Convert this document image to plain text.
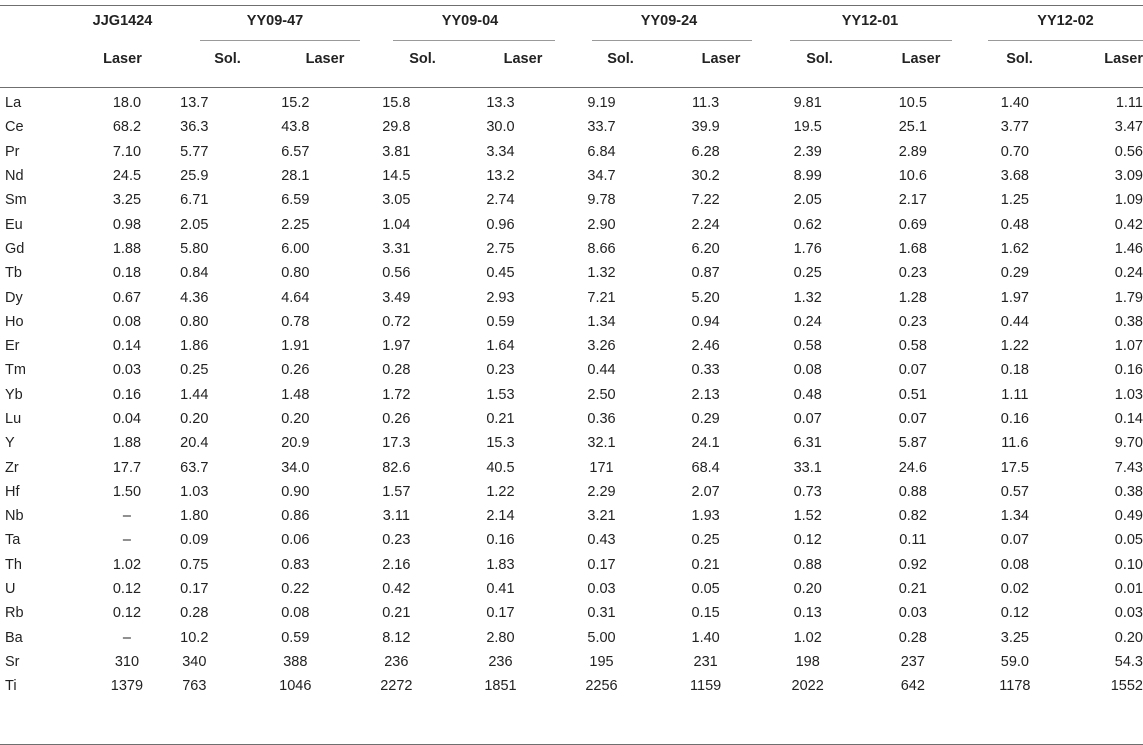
JJG1424	YY09-47	YY09-04	YY09-24	YY12-01	YY12-02
Laser	Sol.	Laser	Sol.	Laser	Sol.	Laser	Sol.	Laser	Sol.	Laser
La	18.0	13.7		15.2		15.8		13.3		9.19		11.3		9.81		10.5		1.40		1.11
Ce	68.2	36.3		43.8		29.8		30.0		33.7		39.9		19.5		25.1		3.77		3.47
Pr	7.10	5.77		6.57		3.81		3.34		6.84		6.28		2.39		2.89		0.70		0.56
Nd	24.5	25.9		28.1		14.5		13.2		34.7		30.2		8.99		10.6		3.68		3.09
Sm	3.25	6.71		6.59		3.05		2.74		9.78		7.22		2.05		2.17		1.25		1.09
Eu	0.98	2.05		2.25		1.04		0.96		2.90		2.24		0.62		0.69		0.48		0.42
Gd	1.88	5.80		6.00		3.31		2.75		8.66		6.20		1.76		1.68		1.62		1.46
Tb	0.18	0.84		0.80		0.56		0.45		1.32		0.87		0.25		0.23		0.29		0.24
Dy	0.67	4.36		4.64		3.49		2.93		7.21		5.20		1.32		1.28		1.97		1.79
Ho	0.08	0.80		0.78		0.72		0.59		1.34		0.94		0.24		0.23		0.44		0.38
Er	0.14	1.86		1.91		1.97		1.64		3.26		2.46		0.58		0.58		1.22		1.07
Tm	0.03	0.25		0.26		0.28		0.23		0.44		0.33		0.08		0.07		0.18		0.16
Yb	0.16	1.44		1.48		1.72		1.53		2.50		2.13		0.48		0.51		1.11		1.03
Lu	0.04	0.20		0.20		0.26		0.21		0.36		0.29		0.07		0.07		0.16		0.14
Y	1.88	20.4		20.9		17.3		15.3		32.1		24.1		6.31		5.87		11.6		9.70
Zr	17.7	63.7		34.0		82.6		40.5		171		68.4		33.1		24.6		17.5		7.43
Hf	1.50	1.03		0.90		1.57		1.22		2.29		2.07		0.73		0.88		0.57		0.38
Nb	–	1.80		0.86		3.11		2.14		3.21		1.93		1.52		0.82		1.34		0.49
Ta	–	0.09		0.06		0.23		0.16		0.43		0.25		0.12		0.11		0.07		0.05
Th	1.02	0.75		0.83		2.16		1.83		0.17		0.21		0.88		0.92		0.08		0.10
U	0.12	0.17		0.22		0.42		0.41		0.03		0.05		0.20		0.21		0.02		0.01
Rb	0.12	0.28		0.08		0.21		0.17		0.31		0.15		0.13		0.03		0.12		0.03
Ba	–	10.2		0.59		8.12		2.80		5.00		1.40		1.02		0.28		3.25		0.20
Sr	310	340		388		236		236		195		231		198		237		59.0		54.3
Ti	1379	763		1046		2272		1851		2256		1159		2022		642		1178		1552
